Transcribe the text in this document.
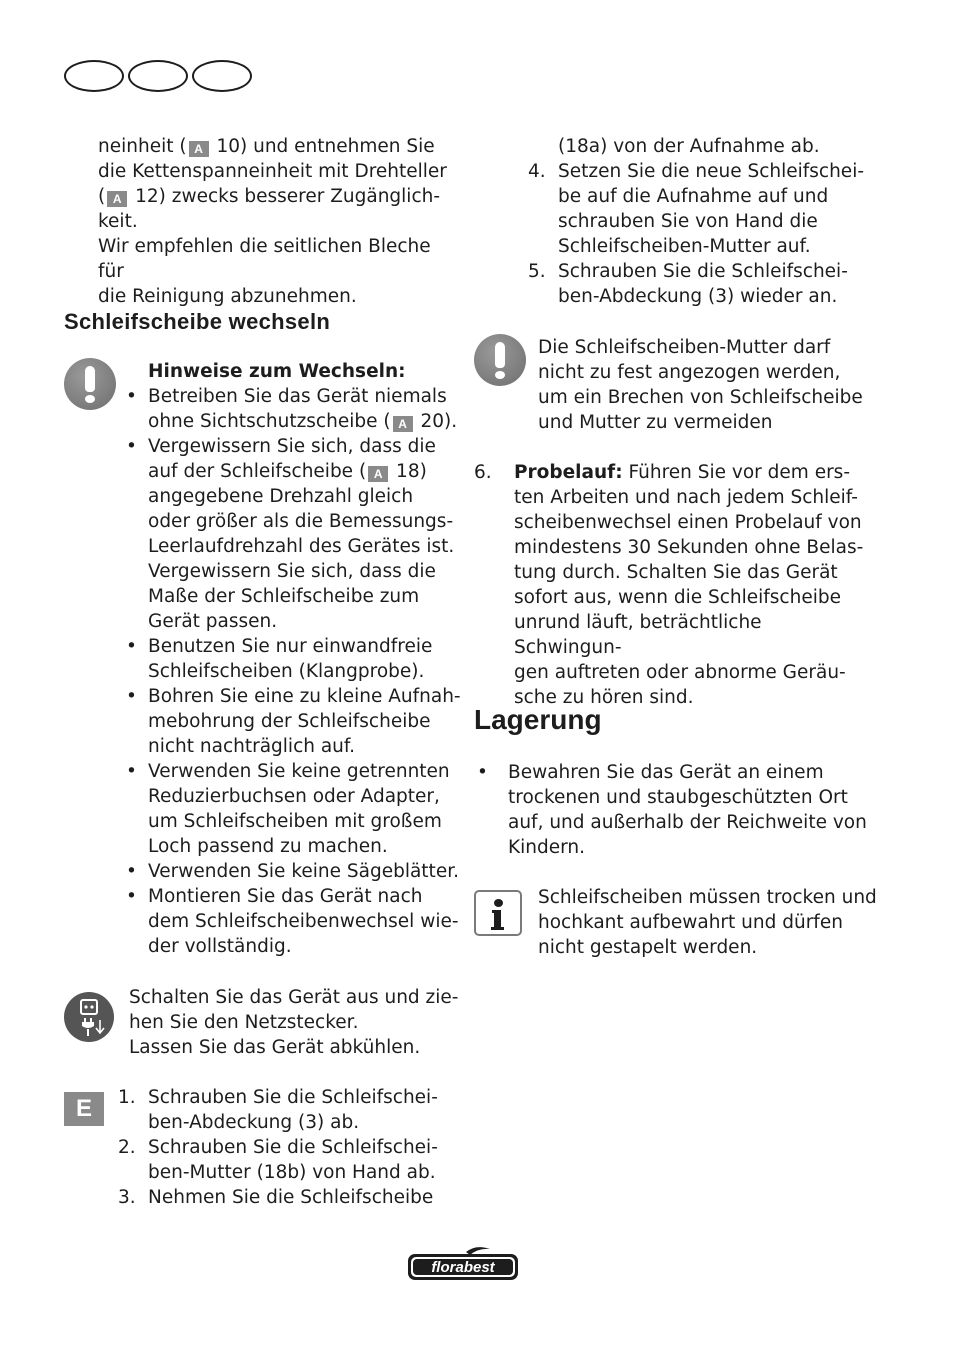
neinheit ( A 10) und entnehmen Sie
die Kettenspanneinheit mit Drehteller
( A 12) zwecks besserer Zugänglich-
keit.
Wir empfehlen die seitlichen Bleche für
die Reinigung abzunehmen.
Schleifscheibe wechseln
Hinweise zum Wechseln:
• Betreiben Sie das Gerät niemals
ohne Sichtschutzscheibe ( A 20).
• Vergewissern Sie sich, dass die
auf der Schleifscheibe ( A 18)
angegebene Drehzahl gleich
oder größer als die Bemessungs-
Leerlaufdrehzahl des Gerätes ist.
Vergewissern Sie sich, dass die
Maße der Schleifscheibe zum
Gerät passen.
• Benutzen Sie nur einwandfreie
Schleifscheiben (Klangprobe).
• Bohren Sie eine zu kleine Aufnah-
mebohrung der Schleifscheibe
nicht nachträglich auf.
• Verwenden Sie keine getrennten
Reduzierbuchsen oder Adapter,
um Schleifscheiben mit großem
Loch passend zu machen.
• Verwenden Sie keine Sägeblätter.
• Montieren Sie das Gerät nach
dem Schleifscheibenwechsel wie-
der vollständig.
Schalten Sie das Gerät aus und zie-
hen Sie den Netzstecker.
Lassen Sie das Gerät abkühlen.
E	1. Schrauben Sie die Schleifschei-
ben-Abdeckung (3) ab.
2. Schrauben Sie die Schleifschei-
ben-Mutter (18b) von Hand ab.
3. Nehmen Sie die Schleifscheibe
(18a) von der Aufnahme ab.
4. Setzen Sie die neue Schleifschei-
be auf die Aufnahme auf und
schrauben Sie von Hand die
Schleifscheiben-Mutter auf.
5. Schrauben Sie die Schleifschei-
ben-Abdeckung (3) wieder an.
Die Schleifscheiben-Mutter darf
nicht zu fest angezogen werden,
um ein Brechen von Schleifscheibe
und Mutter zu vermeiden
6. Probelauf: Führen Sie vor dem ers-
ten Arbeiten und nach jedem Schleif-
scheibenwechsel einen Probelauf von
mindestens 30 Sekunden ohne Belas-
tung durch. Schalten Sie das Gerät
sofort aus, wenn die Schleifscheibe
unrund läuft, beträchtliche Schwingun-
gen auftreten oder abnorme Geräu-
sche zu hören sind.
Lagerung
• Bewahren Sie das Gerät an einem
trockenen und staubgeschützten Ort
auf, und außerhalb der Reichweite von
Kindern.
Schleifscheiben müssen trocken und
hochkant aufbewahrt und dürfen
nicht gestapelt werden.
florabest
